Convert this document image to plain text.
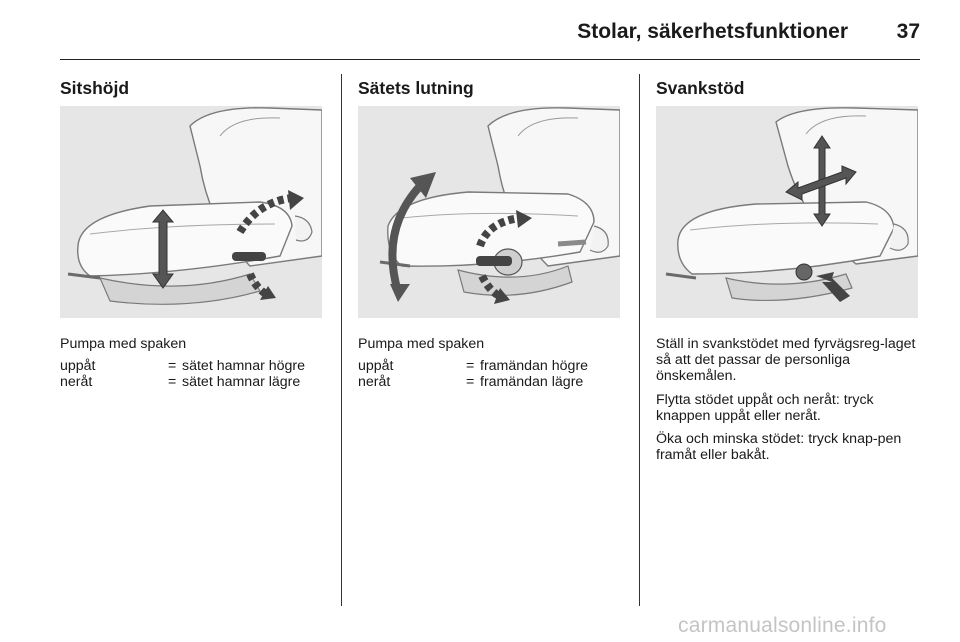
Stolar, säkerhetsfunktioner 37
Sitshöjd
Pumpa med spaken
uppåt	= sätet hamnar högre
neråt	= sätet hamnar lägre
Sätets lutning
Pumpa med spaken
uppåt	= framändan högre
neråt	= framändan lägre
Svankstöd

Ställ in svankstödet med fyrvägsreg-laget så att det passar de personliga önskemålen.

Flytta stödet uppåt och neråt: tryck knappen uppåt eller neråt.

Öka och minska stödet: tryck knap-pen framåt eller bakåt.

carmanualsonline.info
